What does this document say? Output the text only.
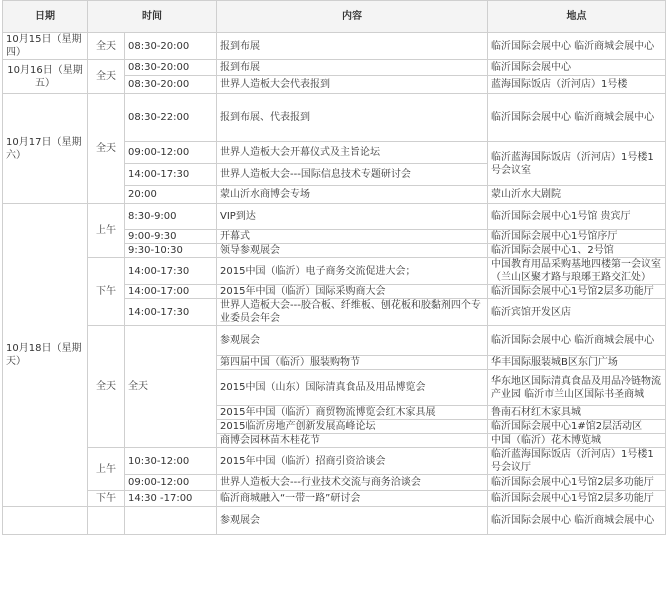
日期	时间		内容	地点
10月15日（星期四）	全天	08:30-20:00	报到布展	临沂国际会展中心 临沂商城会展中心
10月16日（星期五）	全天	08:30-20:00	报到布展	临沂国际会展中心
		08:30-20:00	世界人造板大会代表报到	蓝海国际饭店（沂河店）1号楼
10月17日（星期六）	全天	08:30-22:00	报到布展、代表报到	临沂国际会展中心 临沂商城会展中心
		09:00-12:00	世界人造板大会开幕仪式及主旨论坛	临沂蓝海国际饭店（沂河店）1号楼1号会议室
		14:00-17:30	世界人造板大会---国际信息技术专题研讨会	
		20:00	蒙山沂水商博会专场	蒙山沂水大剧院
10月18日（星期天）	上午	8:30-9:00	VIP到达	临沂国际会展中心1号馆 贵宾厅
		9:00-9:30	开幕式	临沂国际会展中心1号馆序厅
		9:30-10:30	领导参观展会	临沂国际会展中心1、2号馆
	下午	14:00-17:30	2015中国（临沂）电子商务交流促进大会；	中国教育用品采购基地四楼第一会议室（兰山区聚才路与琅琊王路交汇处）
		14:00-17:00	2015年中国（临沂）国际采购商大会	临沂国际会展中心1号馆2层多功能厅
		14:00-17:30	世界人造板大会---胶合板、纤维板、刨花板和胶黏剂四个专业委员会年会	临沂宾馆开发区店
	全天	全天	参观展会	临沂国际会展中心 临沂商城会展中心
			第四届中国（临沂）服装购物节	华丰国际服装城B区东门广场
			2015中国（山东）国际清真食品及用品博览会	华东地区国际清真食品及用品冷链物流产业园 临沂市兰山区国际书圣商城
			2015年中国（临沂）商贸物流博览会红木家具展	鲁南石材红木家具城
			2015临沂房地产创新发展高峰论坛	临沂国际会展中心1#馆2层活动区
			商博会园林苗木桂花节	中国（临沂）花木博览城
	上午	10:30-12:00	2015年中国（临沂）招商引资洽谈会	临沂蓝海国际饭店（沂河店）1号楼1号会议厅
		09:00-12:00	世界人造板大会---行业技术交流与商务洽谈会	临沂国际会展中心1号馆2层多功能厅
	下午	14:30 -17:00	临沂商城融入“一带一路”研讨会	临沂国际会展中心1号馆2层多功能厅
			参观展会	临沂国际会展中心 临沂商城会展中心
